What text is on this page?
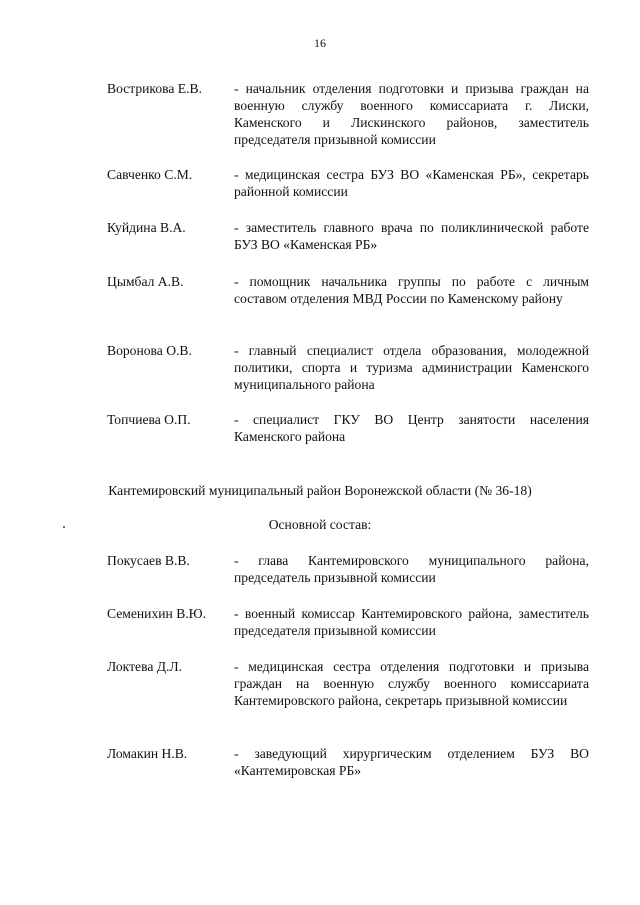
16
Вострикова Е.В. - начальник отделения подготовки и призыва граждан на военную службу военного комиссариата г. Лиски, Каменского и Лискинского районов, заместитель председателя призывной комиссии
Савченко С.М.	- медицинская сестра БУЗ ВО «Каменская РБ», секретарь районной комиссии
Куйдина В.А.	- заместитель главного врача по поликлинической работе БУЗ ВО «Каменская РБ»
Цымбал А.В.	- помощник начальника группы по работе с личным составом отделения МВД России по Каменскому району
Воронова О.В.	- главный специалист отдела образования, молодежной политики, спорта и туризма администрации Каменского муниципального района
Топчиева О.П.	- специалист ГКУ ВО Центр занятости населения Каменского района
Кантемировский муниципальный район Воронежской области (№ 36-18)
Основной состав:
Покусаев В.В.	- глава Кантемировского муниципального района, председатель призывной комиссии
Семенихин В.Ю. - военный комиссар Кантемировского района, заместитель председателя призывной комиссии
Локтева Д.Л.	- медицинская сестра отделения подготовки и призыва граждан на военную службу военного комиссариата Кантемировского района, секретарь призывной комиссии
Ломакин Н.В.	- заведующий хирургическим отделением БУЗ ВО «Кантемировская РБ»
